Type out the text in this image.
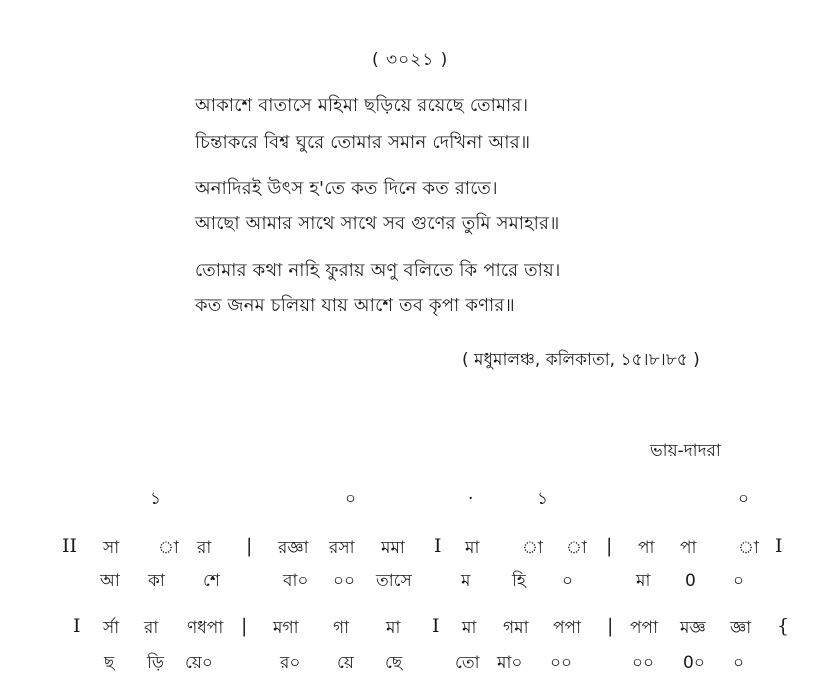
( ৩০২১ )
আকাশে বাতাসে মহিমা ছড়িয়ে রয়েছে তোমার।
চিন্তাকরে বিশ্ব ঘুরে তোমার সমান দেখিনা আর॥
অনাদিরই উৎস হ'তে কত দিনে কত রাতে।
আছো আমার সাথে সাথে সব গুণের তুমি সমাহার॥
তোমার কথা নাহি ফুরায় অণু বলিতে কি পারে তায়।
কত জনম চলিয়া যায় আশে তব কৃপা কণার॥
( মধুমালঞ্চ, কলিকাতা, ১৫।৮।৮৫ )
ভায়-দাদরা
১	০	·	১	০
II সা া রা | রজ্ঞা রসা মমা I মা	া া | পা পা া I
আ কা শে	বা০ ০০ তাসে	ম হি ০	মা 0 ০
I র্সা রা ণধপা | মগা গা মা I মা গমা পপা | পপা মজ্ঞ জ্ঞা {
ছ ড়ি য়ে০	র০ য়ে ছে	তো মা০ ০০	০০ 0০ ০
